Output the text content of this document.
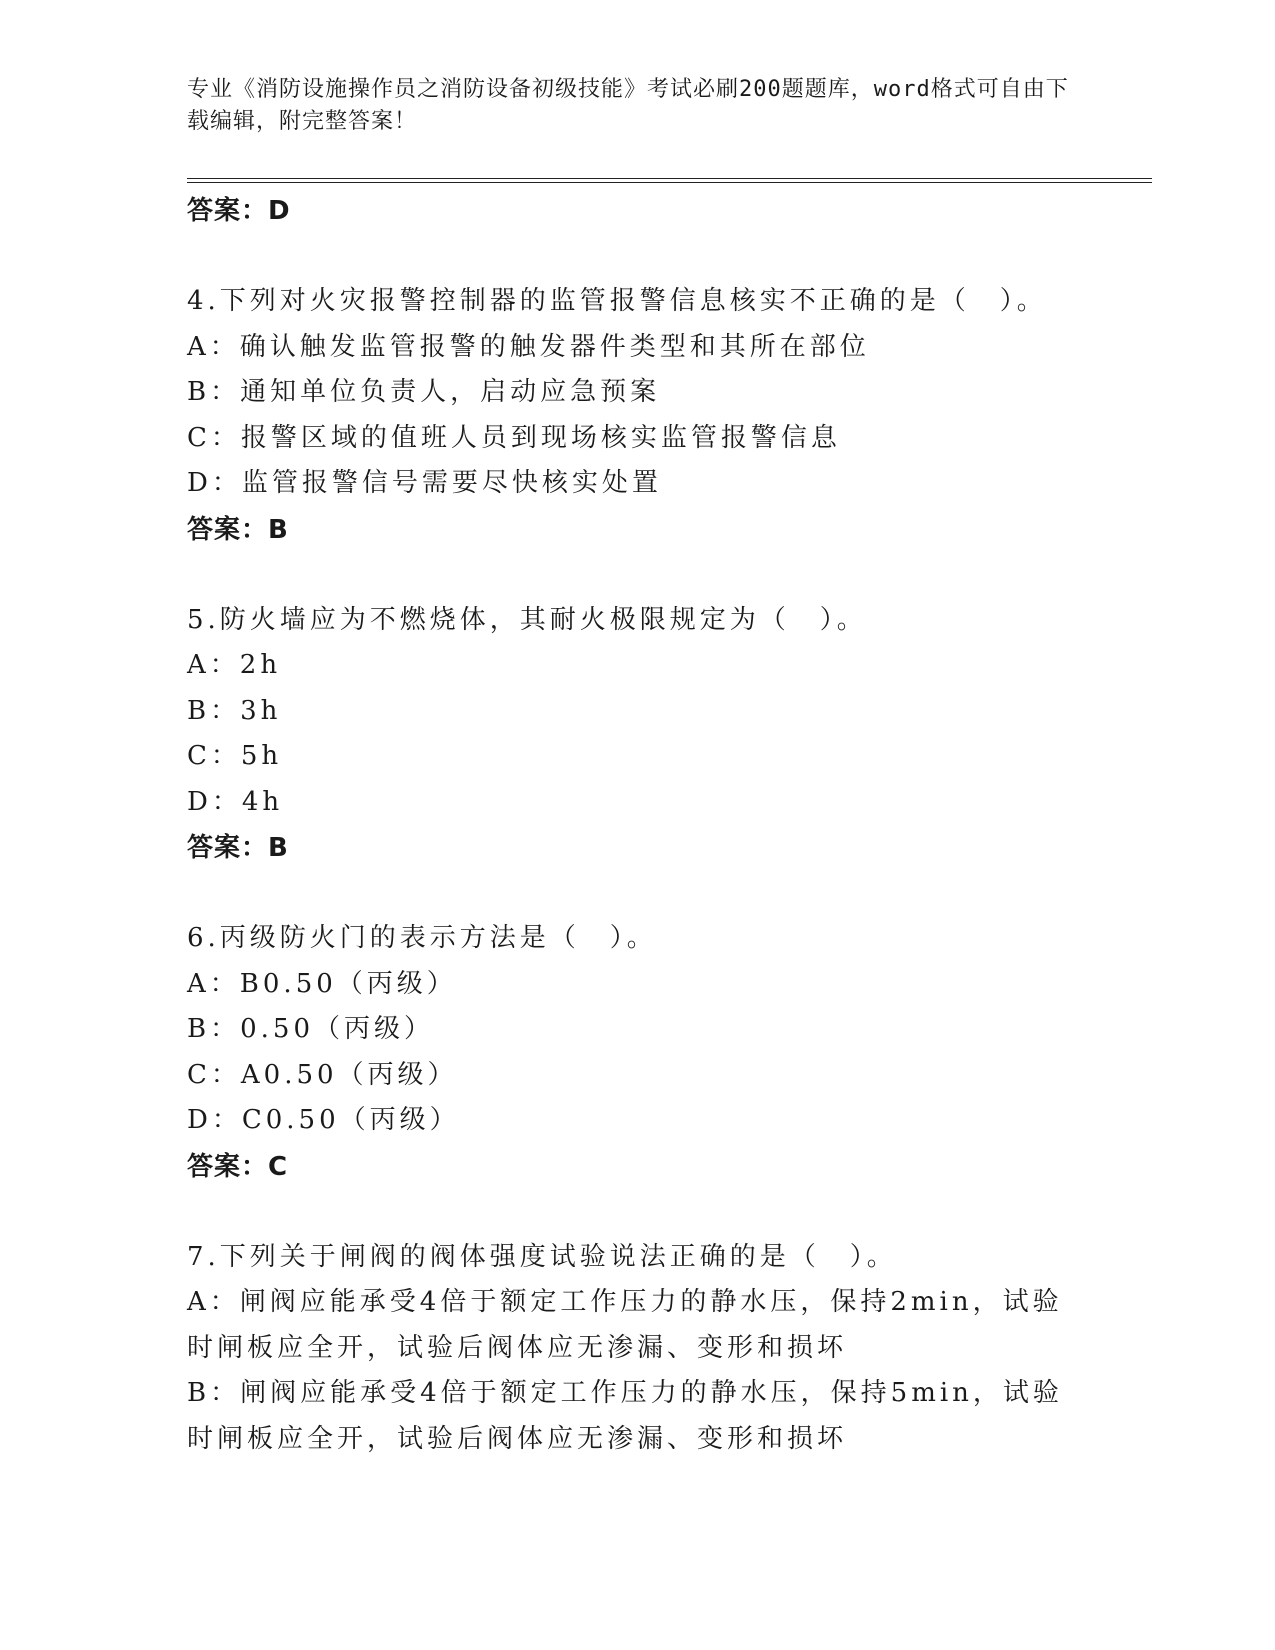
专业《消防设施操作员之消防设备初级技能》考试必刷200题题库，word格式可自由下载编辑，附完整答案！
答案：D
4.下列对火灾报警控制器的监管报警信息核实不正确的是（　）。
A：确认触发监管报警的触发器件类型和其所在部位
B：通知单位负责人，启动应急预案
C：报警区域的值班人员到现场核实监管报警信息
D：监管报警信号需要尽快核实处置
答案：B
5.防火墙应为不燃烧体，其耐火极限规定为（　）。
A：2h
B：3h
C：5h
D：4h
答案：B
6.丙级防火门的表示方法是（　）。
A：B0.50（丙级）
B：0.50（丙级）
C：A0.50（丙级）
D：C0.50（丙级）
答案：C
7.下列关于闸阀的阀体强度试验说法正确的是（　）。
A：闸阀应能承受4倍于额定工作压力的静水压，保持2min，试验时闸板应全开，试验后阀体应无渗漏、变形和损坏
B：闸阀应能承受4倍于额定工作压力的静水压，保持5min，试验时闸板应全开，试验后阀体应无渗漏、变形和损坏
